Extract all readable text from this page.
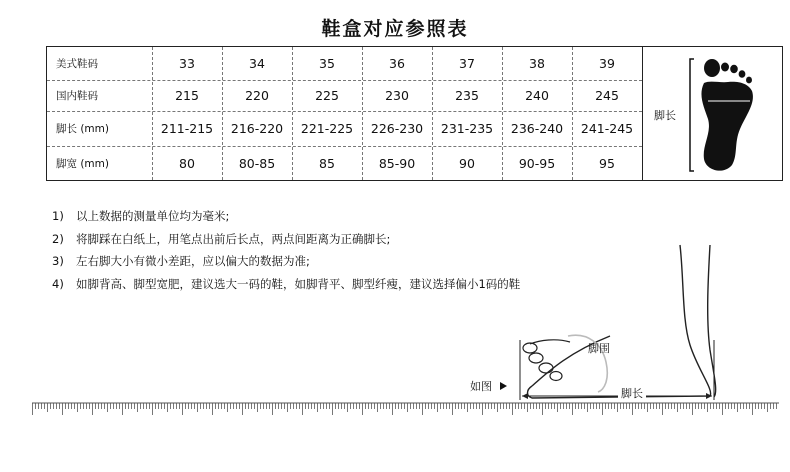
鞋盒对应参照表
美式鞋码	33	34	35	36	37	38	39
国内鞋码	215	220	225	230	235	240	245
脚长 (mm)	211-215	216-220	221-225	226-230	231-235	236-240	241-245
脚宽 (mm)	80	80-85	85	85-90	90	90-95	95
脚长
脚宽
1) 以上数据的测量单位均为毫米;
2) 将脚踩在白纸上，用笔点出前后长点，两点间距离为正确脚长;
3) 左右脚大小有微小差距，应以偏大的数据为准;
4) 如脚背高、脚型宽肥，建议选大一码的鞋，如脚背平、脚型纤瘦，建议选择偏小1码的鞋
如图
脚围
脚长
